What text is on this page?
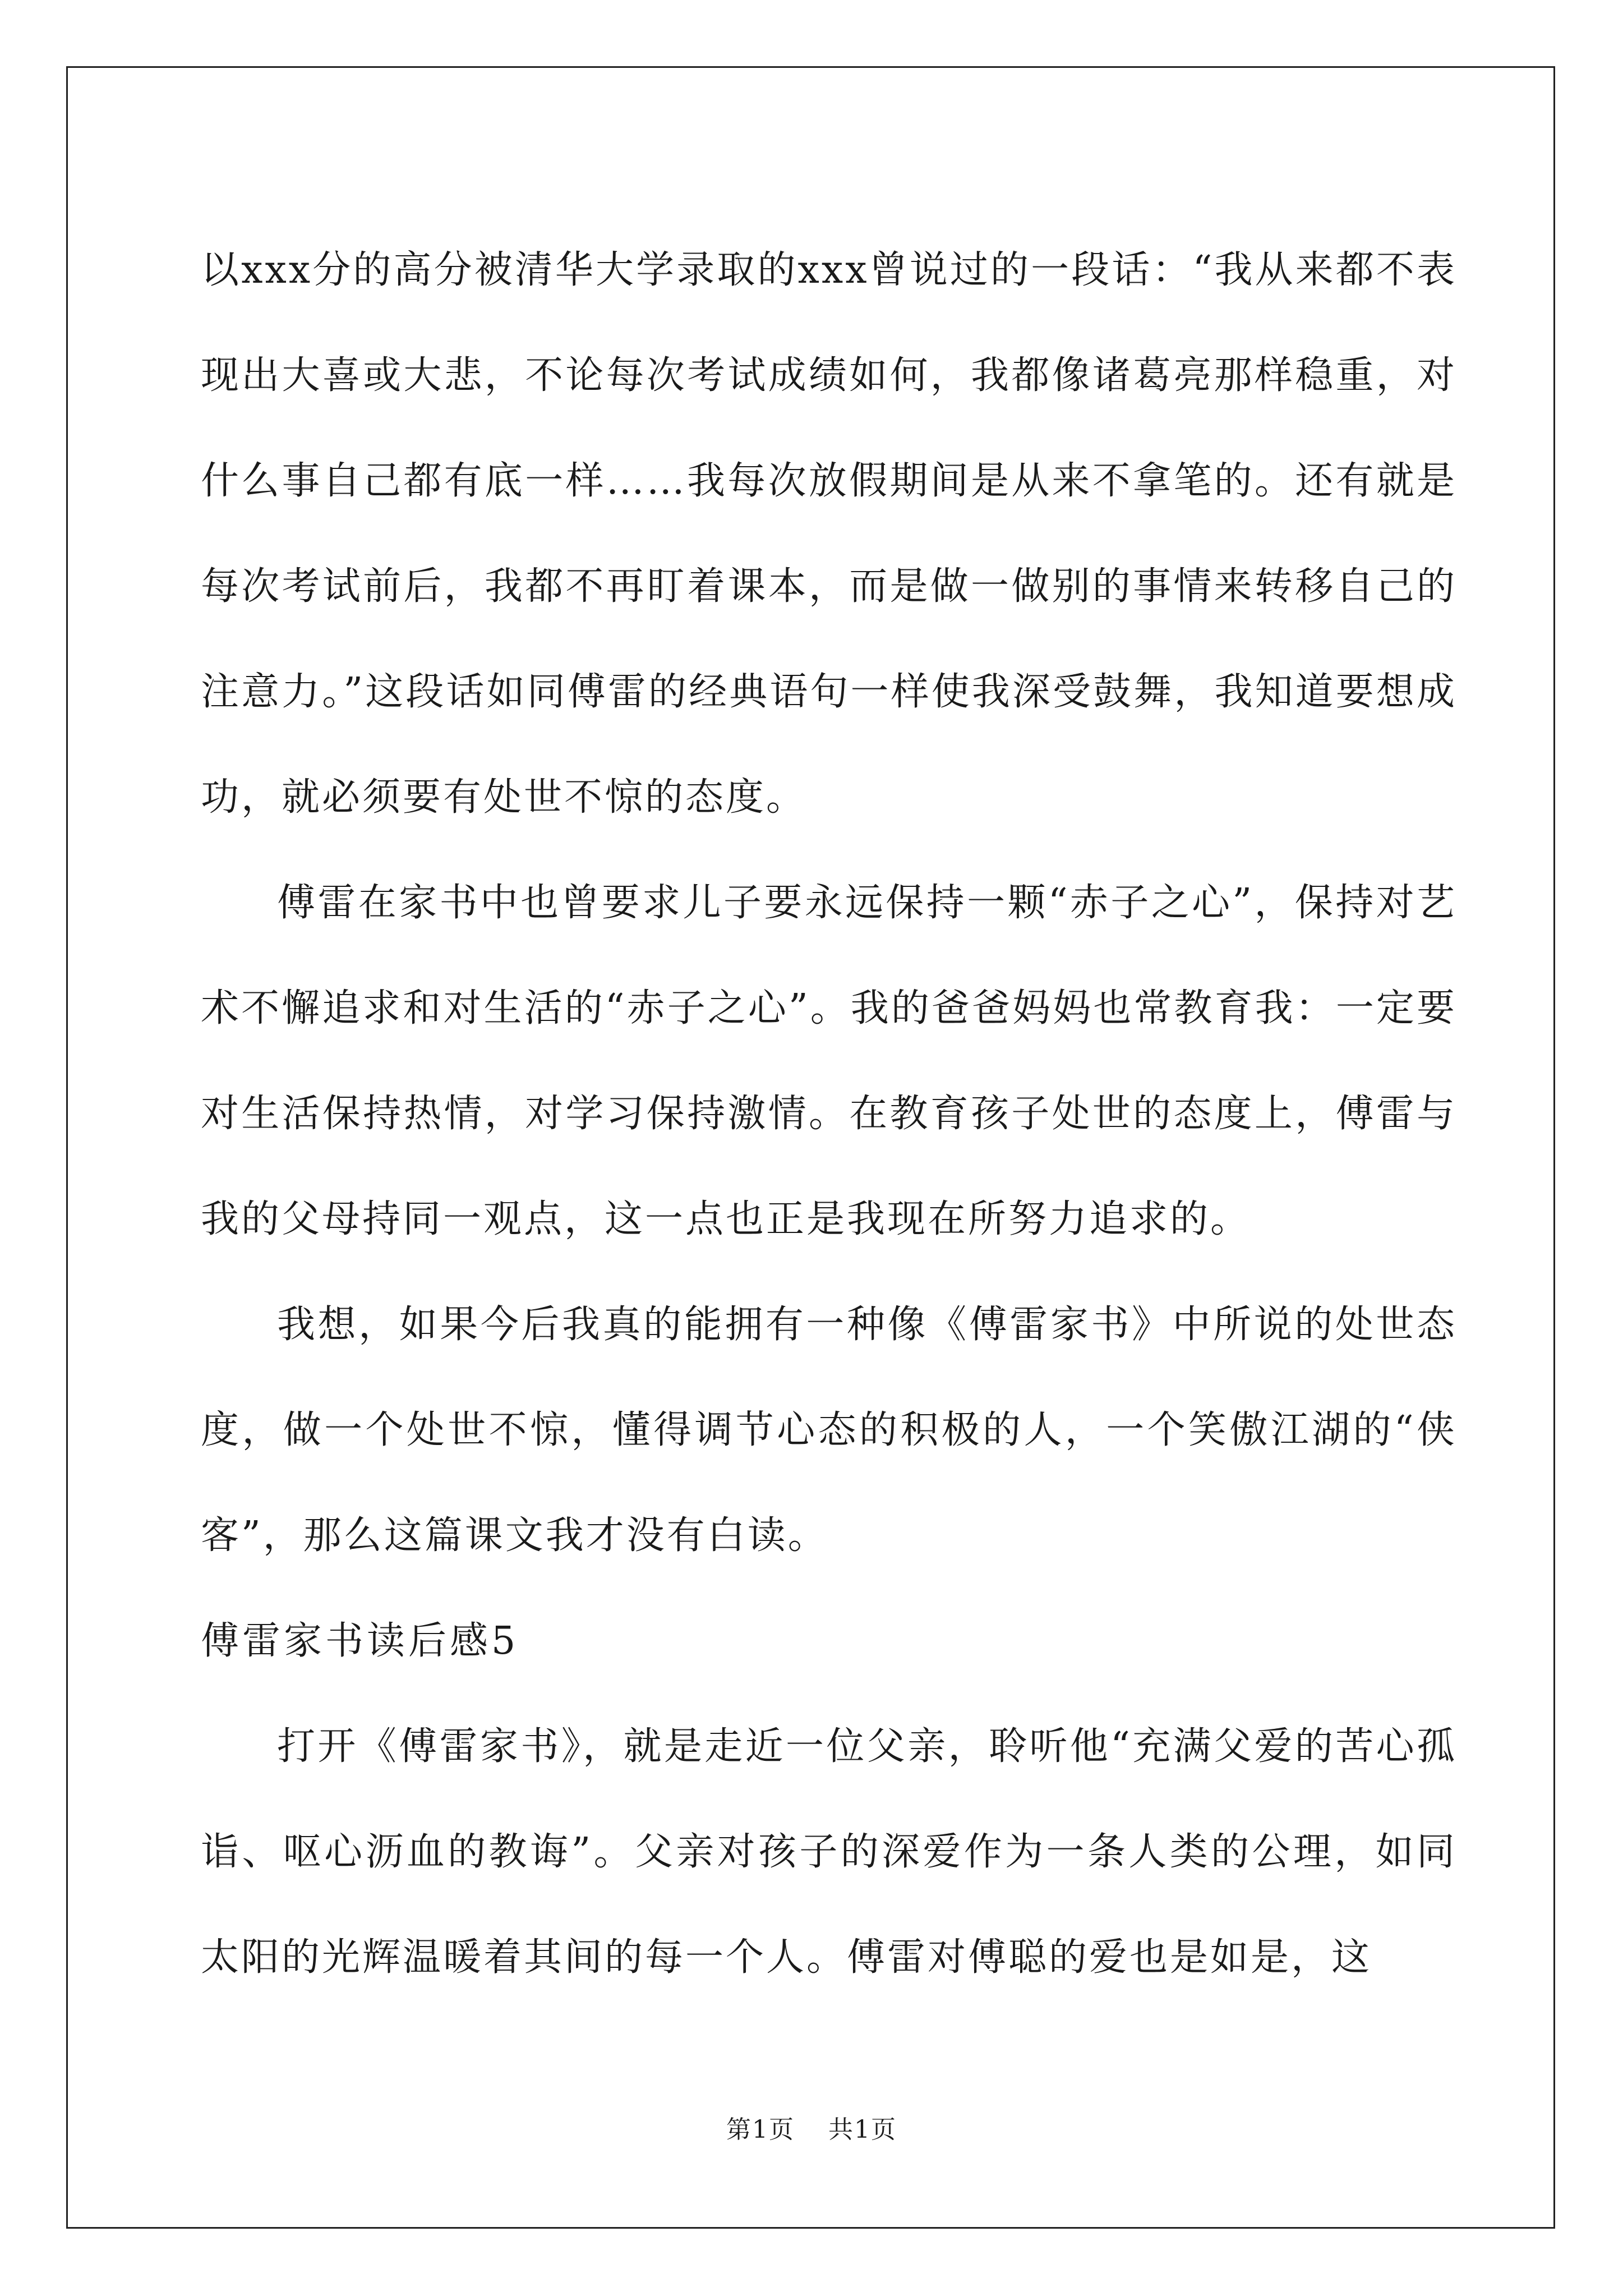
以xxx分的高分被清华大学录取的xxx曾说过的一段话：“我从来都不表现出大喜或大悲，不论每次考试成绩如何，我都像诸葛亮那样稳重，对什么事自己都有底一样……我每次放假期间是从来不拿笔的。还有就是每次考试前后，我都不再盯着课本，而是做一做别的事情来转移自己的注意力。”这段话如同傅雷的经典语句一样使我深受鼓舞，我知道要想成功，就必须要有处世不惊的态度。

傅雷在家书中也曾要求儿子要永远保持一颗“赤子之心”，保持对艺术不懈追求和对生活的“赤子之心”。我的爸爸妈妈也常教育我：一定要对生活保持热情，对学习保持激情。在教育孩子处世的态度上，傅雷与我的父母持同一观点，这一点也正是我现在所努力追求的。

我想，如果今后我真的能拥有一种像《傅雷家书》中所说的处世态度，做一个处世不惊，懂得调节心态的积极的人，一个笑傲江湖的“侠客”，那么这篇课文我才没有白读。

傅雷家书读后感5

打开《傅雷家书》，就是走近一位父亲，聆听他“充满父爱的苦心孤诣、呕心沥血的教诲”。父亲对孩子的深爱作为一条人类的公理，如同太阳的光辉温暖着其间的每一个人。傅雷对傅聪的爱也是如是，这

第1页 共1页
